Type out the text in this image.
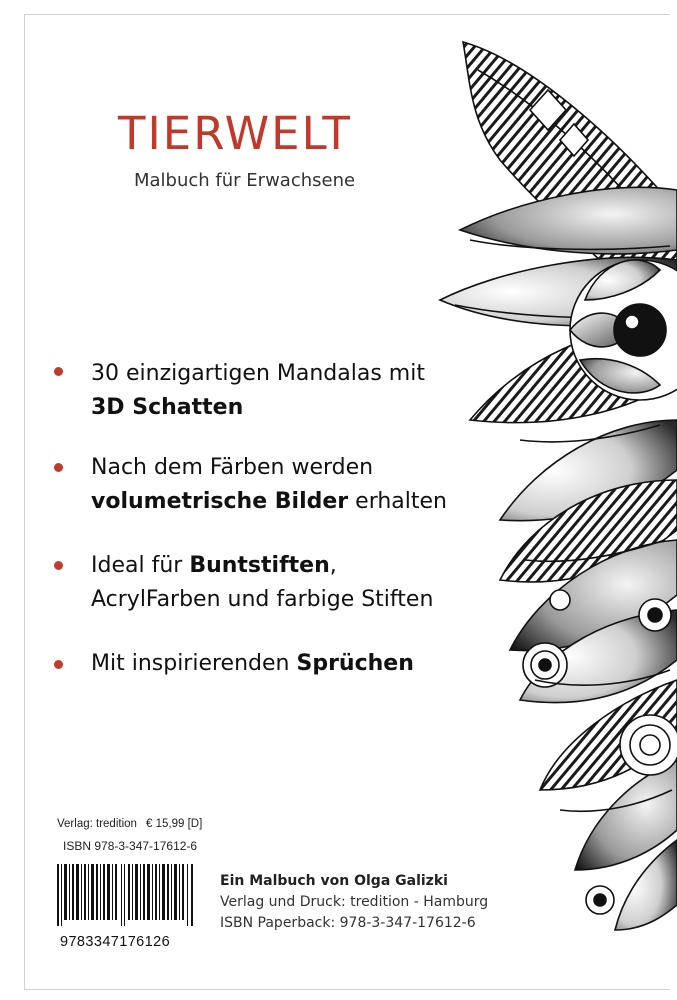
TIERWELT
Malbuch für Erwachsene
30 einzigartigen Mandalas mit
3D Schatten
Nach dem Färben werden
volumetrische Bilder erhalten
Ideal für Buntstiften,
AcrylFarben und farbige Stiften
Mit inspirierenden Sprüchen
Verlag: tredition € 15,99 [D]
ISBN 978-3-347-17612-6
9783347176126
Ein Malbuch von Olga Galizki
Verlag und Druck: tredition - Hamburg
ISBN Paperback: 978-3-347-17612-6
